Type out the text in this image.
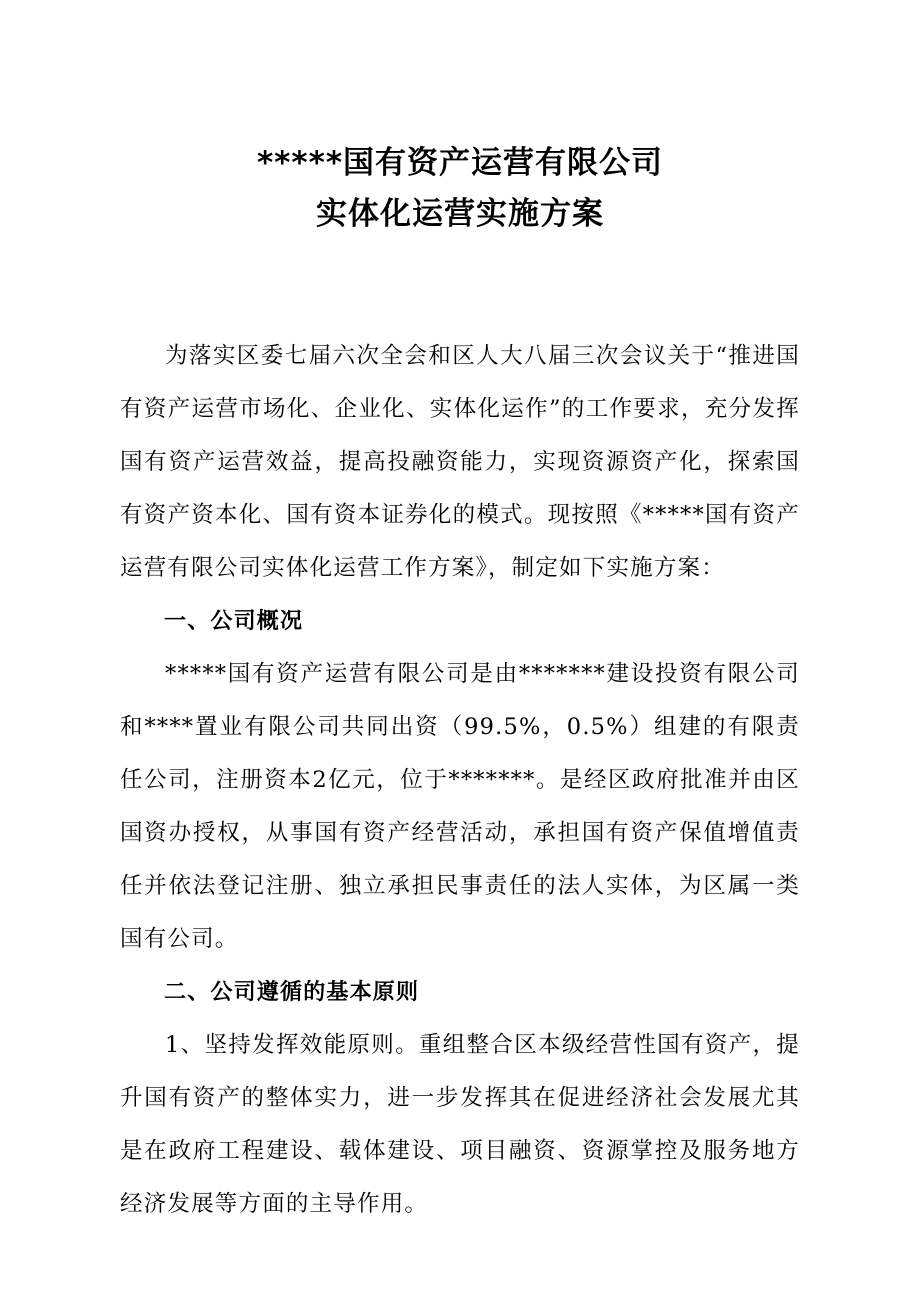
*****国有资产运营有限公司
实体化运营实施方案

为落实区委七届六次全会和区人大八届三次会议关于“推进国有资产运营市场化、企业化、实体化运作”的工作要求，充分发挥国有资产运营效益，提高投融资能力，实现资源资产化，探索国有资产资本化、国有资本证券化的模式。现按照《*****国有资产运营有限公司实体化运营工作方案》，制定如下实施方案：

一、公司概况

*****国有资产运营有限公司是由*******建设投资有限公司和****置业有限公司共同出资（99.5%，0.5%）组建的有限责任公司，注册资本2亿元，位于*******。是经区政府批准并由区国资办授权，从事国有资产经营活动，承担国有资产保值增值责任并依法登记注册、独立承担民事责任的法人实体，为区属一类国有公司。

二、公司遵循的基本原则

1、坚持发挥效能原则。重组整合区本级经营性国有资产，提升国有资产的整体实力，进一步发挥其在促进经济社会发展尤其是在政府工程建设、载体建设、项目融资、资源掌控及服务地方经济发展等方面的主导作用。
